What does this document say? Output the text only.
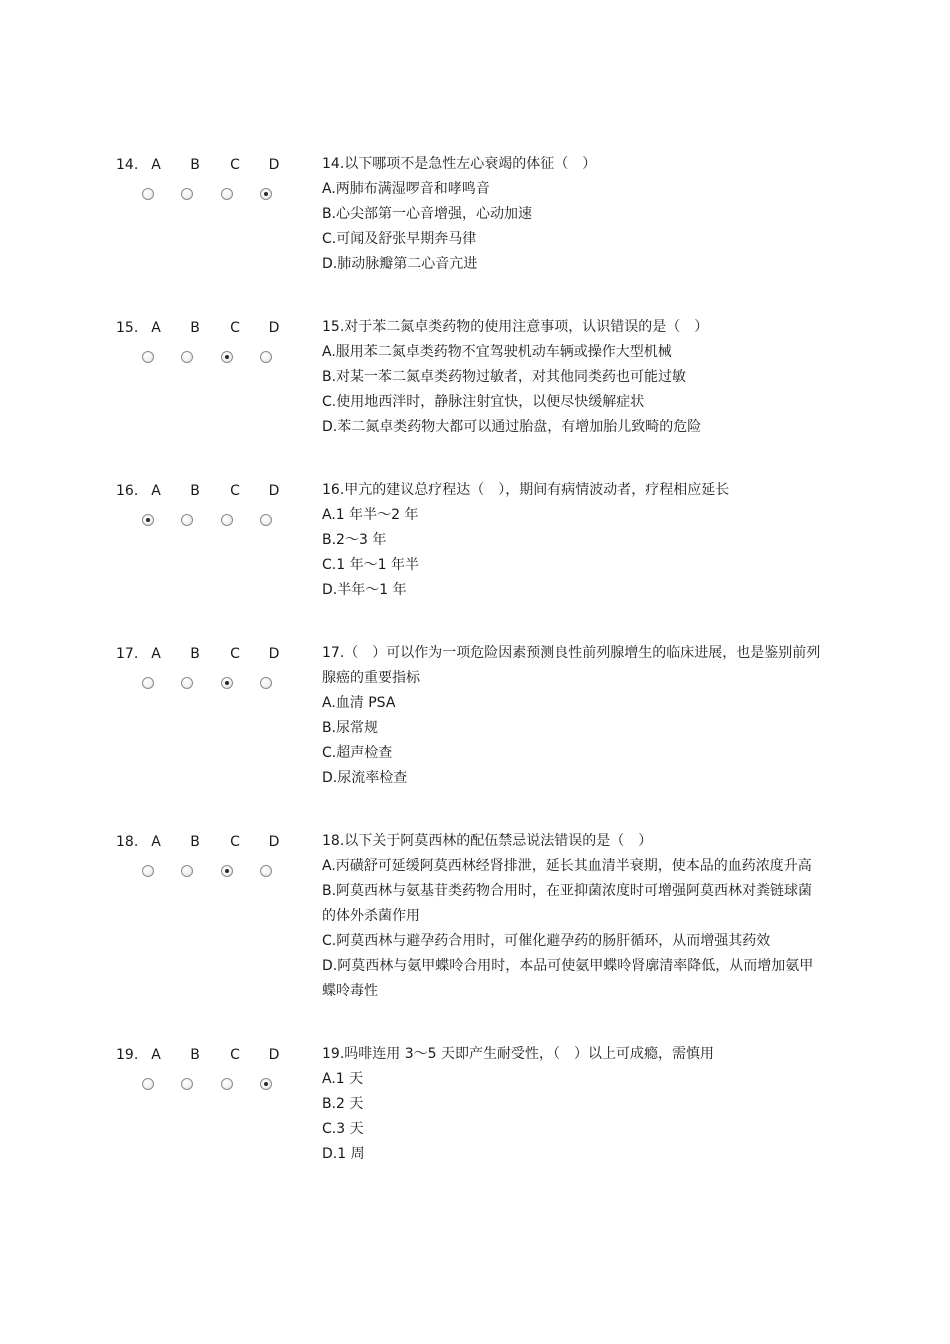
14. A B C D	14.以下哪项不是急性左心衰竭的体征（　）
A.两肺布满湿啰音和哮鸣音
B.心尖部第一心音增强，心动加速
C.可闻及舒张早期奔马律
D.肺动脉瓣第二心音亢进
15. A B C D	15.对于苯二氮卓类药物的使用注意事项，认识错误的是（　）
A.服用苯二氮卓类药物不宜驾驶机动车辆或操作大型机械
B.对某一苯二氮卓类药物过敏者，对其他同类药也可能过敏
C.使用地西泮时，静脉注射宜快，以便尽快缓解症状
D.苯二氮卓类药物大都可以通过胎盘，有增加胎儿致畸的危险
16. A B C D	16.甲亢的建议总疗程达（　），期间有病情波动者，疗程相应延长
A.1 年半～2 年
B.2～3 年
C.1 年～1 年半
D.半年～1 年
17. A B C D	17.（　）可以作为一项危险因素预测良性前列腺增生的临床进展，也是鉴别前列
腺癌的重要指标
A.血清 PSA
B.尿常规
C.超声检查
D.尿流率检查
18. A B C D	18.以下关于阿莫西林的配伍禁忌说法错误的是（　）
A.丙磺舒可延缓阿莫西林经肾排泄，延长其血清半衰期，使本品的血药浓度升高
B.阿莫西林与氨基苷类药物合用时，在亚抑菌浓度时可增强阿莫西林对粪链球菌
的体外杀菌作用
C.阿莫西林与避孕药合用时，可催化避孕药的肠肝循环，从而增强其药效
D.阿莫西林与氨甲蝶呤合用时，本品可使氨甲蝶呤肾廓清率降低，从而增加氨甲
蝶呤毒性
19. A B C D	19.吗啡连用 3～5 天即产生耐受性，（　）以上可成瘾，需慎用
A.1 天
B.2 天
C.3 天
D.1 周
